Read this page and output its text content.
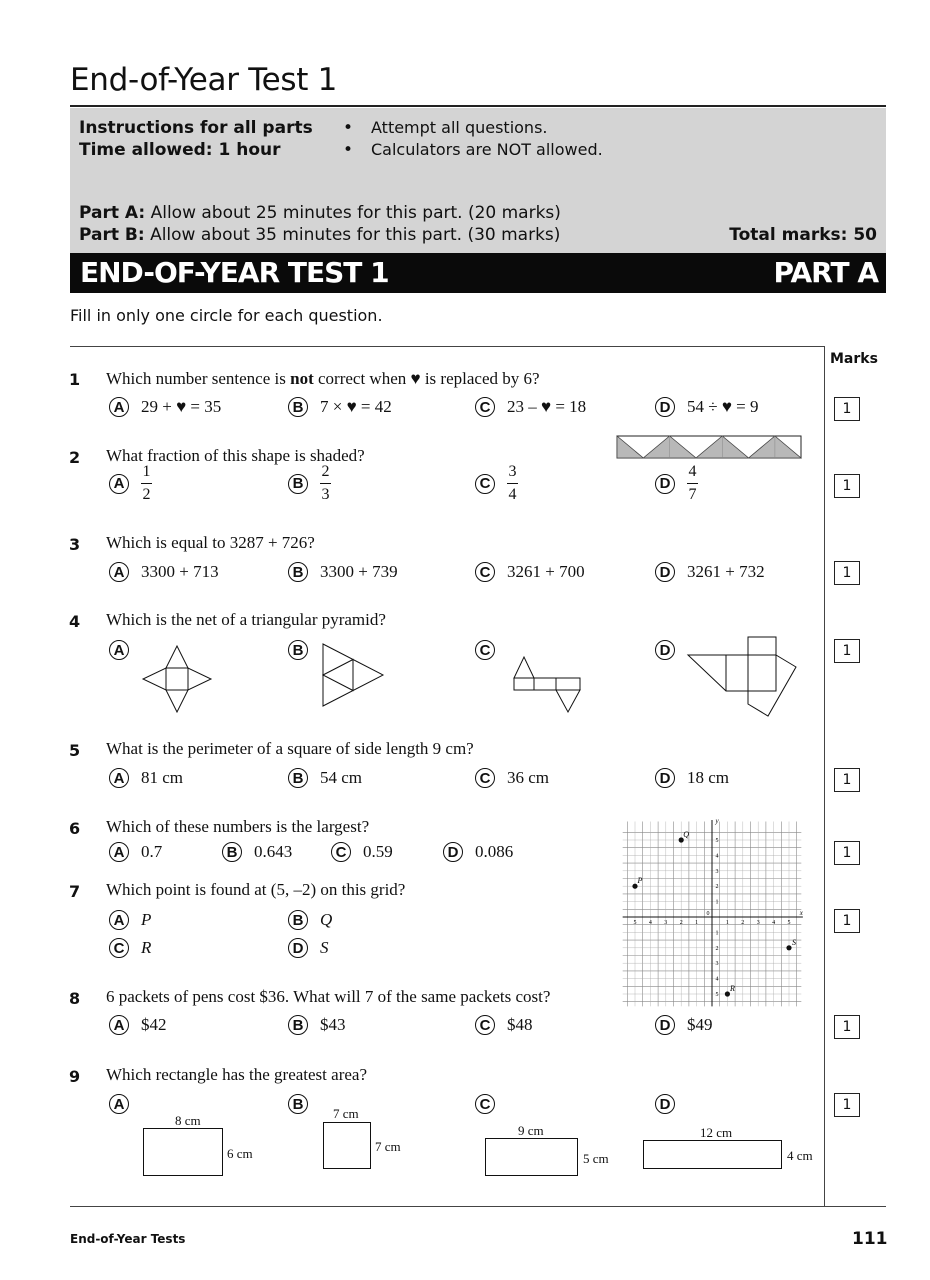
End-of-Year Test 1
Instructions for all parts
Time allowed: 1 hour
• Attempt all questions.
• Calculators are NOT allowed.
Part A: Allow about 25 minutes for this part. (20 marks)
Part B: Allow about 35 minutes for this part. (30 marks)	Total marks: 50
END-OF-YEAR TEST 1	PART A
Fill in only one circle for each question.
Marks
1 Which number sentence is not correct when ♥ is replaced by 6?
A 29 + ♥ = 35	B 7 × ♥ = 42	C 23 – ♥ = 18	D 54 ÷ ♥ = 9	1
2 What fraction of this shape is shaded?
A $\frac{1}{2}$	B $\frac{2}{3}$	C $\frac{3}{4}$	D $\frac{4}{7}$	1
3 Which is equal to 3287 + 726?
A 3300 + 713	B 3300 + 739	C 3261 + 700	D 3261 + 732	1
4 Which is the net of a triangular pyramid?
A	B	C	D	1
5 What is the perimeter of a square of side length 9 cm?
A 81 cm	B 54 cm	C 36 cm	D 18 cm	1
6 Which of these numbers is the largest?
A 0.7	B 0.643	C 0.59	D 0.086	1
7 Which point is found at (5, –2) on this grid?
A P	B Q
C R	D S
1
5
5
4
4
3
3
2
2
1
1
1
1
2
2
3
3
4
4
5
5
0	x
y
P
Q
R
S
8 6 packets of pens cost $36. What will 7 of the same packets cost?
A $42	B $43	C $48	D $49	1
9 Which rectangle has the greatest area?
A	B	C	D	1
8 cm
6 cm
7 cm
7 cm
9 cm
5 cm
12 cm
4 cm
End-of-Year Tests	111
